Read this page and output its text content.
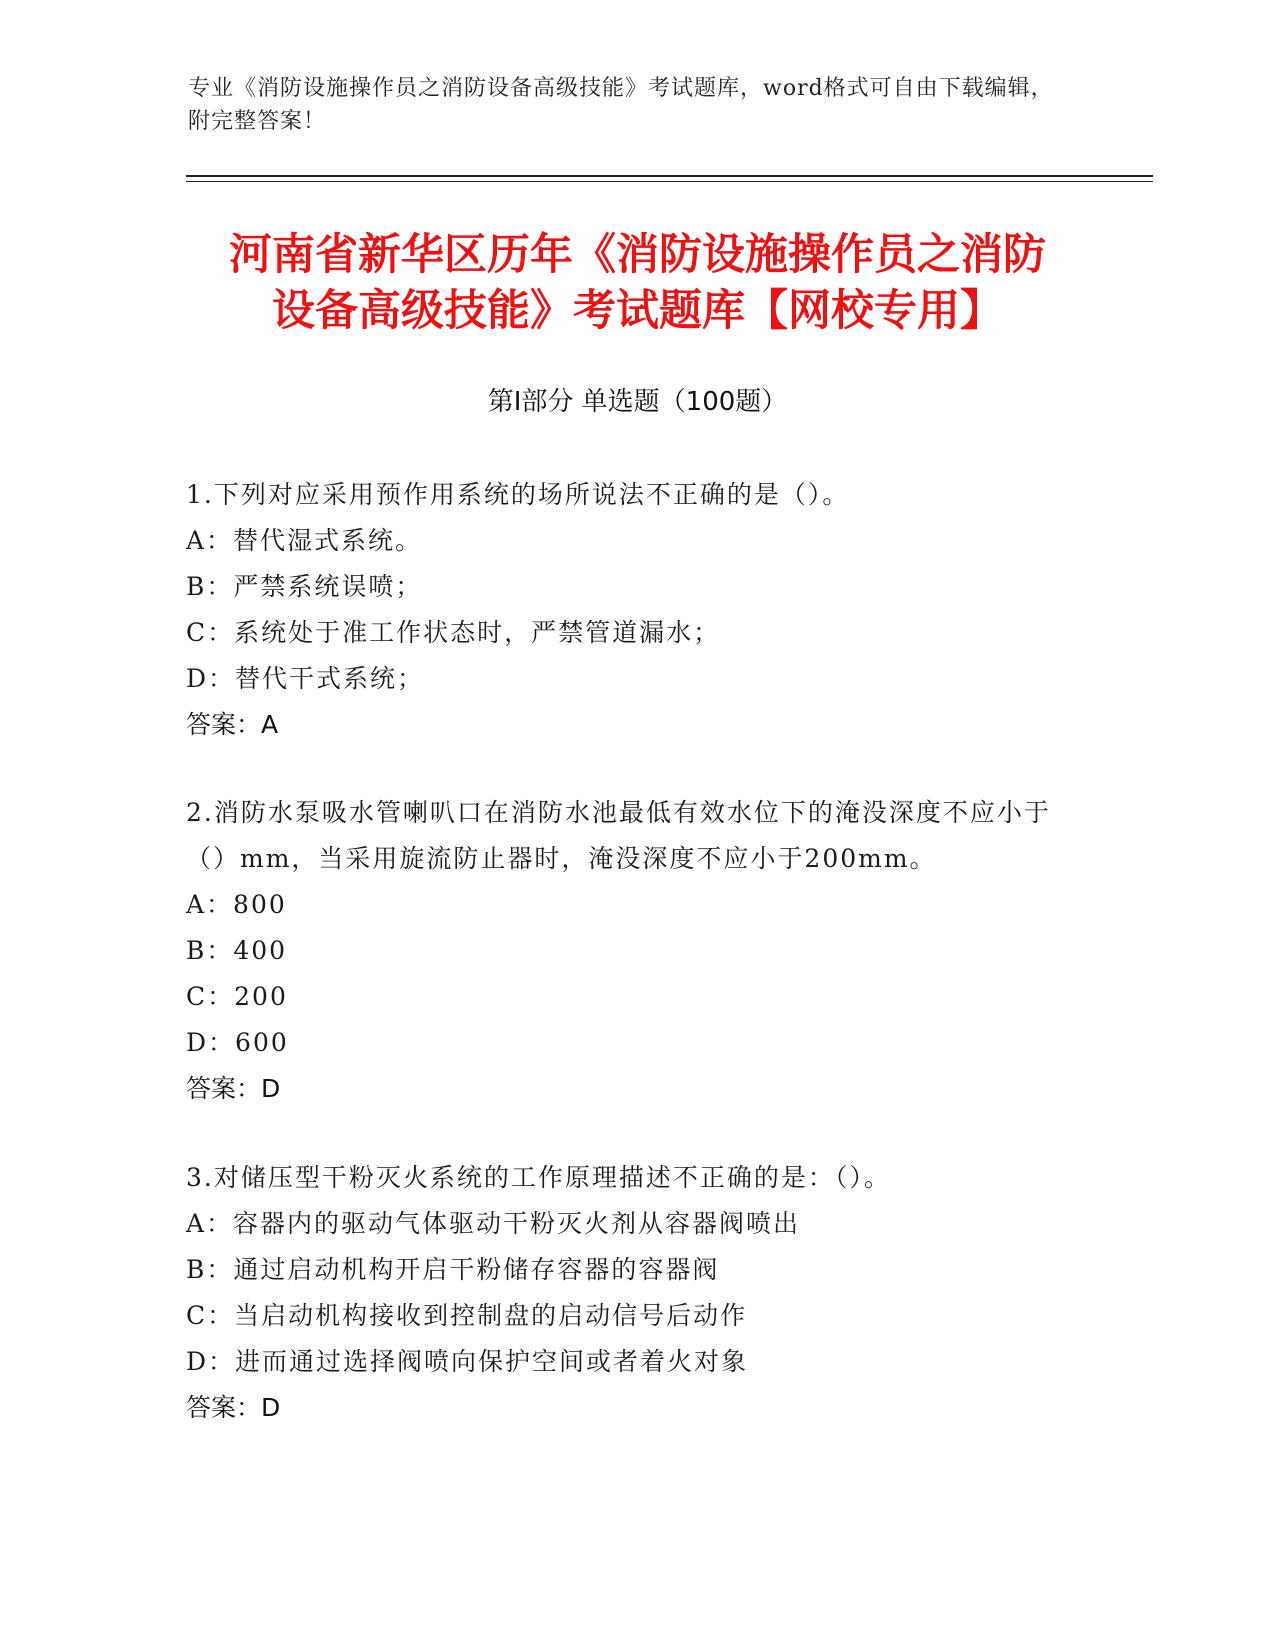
专业《消防设施操作员之消防设备高级技能》考试题库，word格式可自由下载编辑，附完整答案！
河南省新华区历年《消防设施操作员之消防
设备高级技能》考试题库【网校专用】
第Ⅰ部分 单选题（100题）

1.下列对应采用预作用系统的场所说法不正确的是（）。

A：替代湿式系统。

B：严禁系统误喷；

C：系统处于准工作状态时，严禁管道漏水；

D：替代干式系统；

答案：A

2.消防水泵吸水管喇叭口在消防水池最低有效水位下的淹没深度不应小于（）mm，当采用旋流防止器时，淹没深度不应小于200mm。

A：800

B：400

C：200

D：600

答案：D

3.对储压型干粉灭火系统的工作原理描述不正确的是：（）。

A：容器内的驱动气体驱动干粉灭火剂从容器阀喷出

B：通过启动机构开启干粉储存容器的容器阀

C：当启动机构接收到控制盘的启动信号后动作

D：进而通过选择阀喷向保护空间或者着火对象

答案：D
